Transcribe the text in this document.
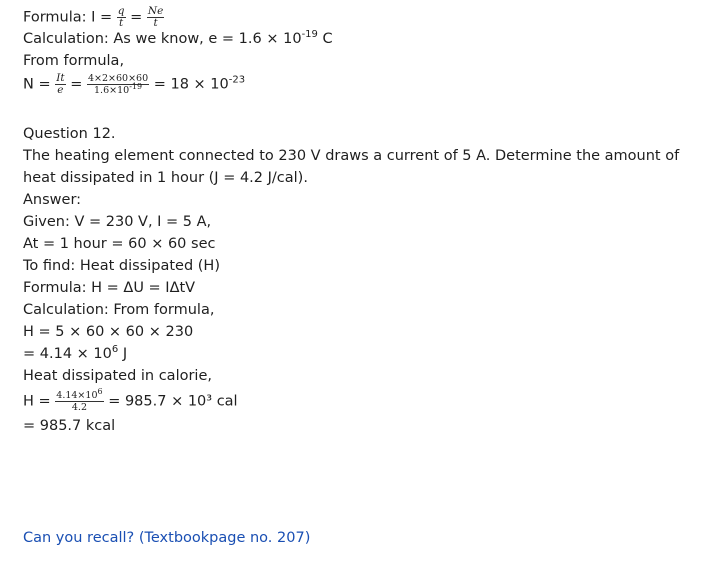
Formula: $I = \frac{q}{t} = \frac{Ne}{t}$
Calculation: As we know, $e = 1.6 \times 10^{-19}$ C
From formula,
$N = \frac{It}{e} = \frac{4\times 2\times 60\times 60}{1.6\times 10^{-19}} = 18 \times 10^{-23}$
Question 12.
The heating element connected to 230 V draws a current of 5 A. Determine the amount of heat dissipated in 1 hour (J = 4.2 J/cal).
Answer:
Given: V = 230 V, I = 5 A,
At = 1 hour = 60 × 60 sec
To find: Heat dissipated (H)
Formula: H = ΔU = IΔtV
Calculation: From formula,
H = 5 × 60 × 60 × 230
= $4.14 \times 10^6$ J
Heat dissipated in calorie,
$H = \frac{4.14\times 10^6}{4.2} = 985.7 \times 10^3$ cal
= 985.7 kcal
Can you recall? (Textbookpage no. 207)
